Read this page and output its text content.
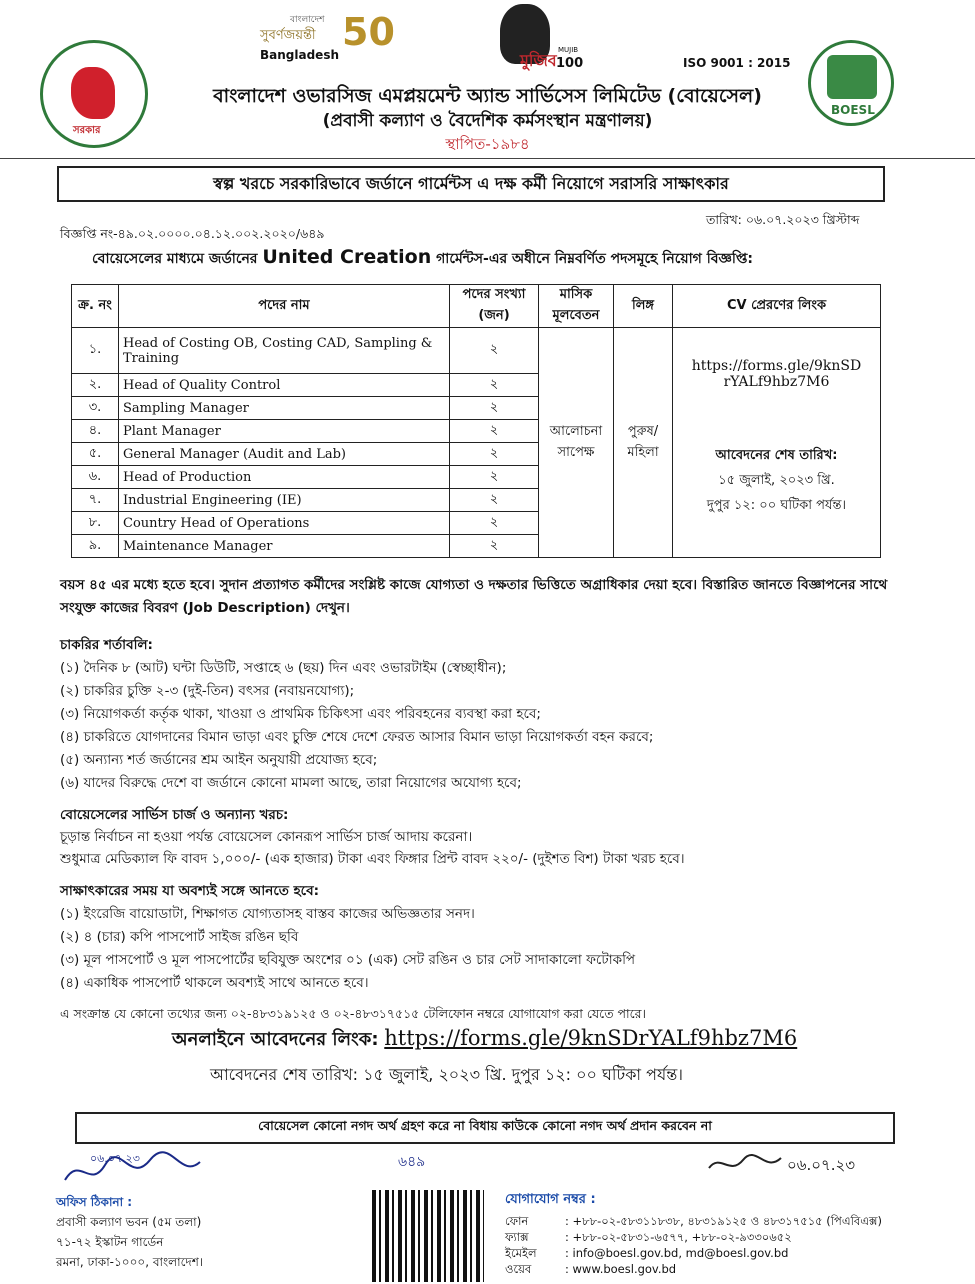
সরকার
বাংলাদেশ
সুবর্ণজয়ন্তী
Bangladesh
50
মুজিব
MUJIB
100	ISO 9001 : 2015
BOESL
বাংলাদেশ ওভারসিজ এমপ্লয়মেন্ট অ্যান্ড সার্ভিসেস লিমিটেড (বোয়েসেল)
(প্রবাসী কল্যাণ ও বৈদেশিক কর্মসংস্থান মন্ত্রণালয়)
স্থাপিত-১৯৮৪
স্বল্প খরচে সরকারিভাবে জর্ডানে গার্মেন্টস এ দক্ষ কর্মী নিয়োগে সরাসরি সাক্ষাৎকার
বিজ্ঞপ্তি নং-৪৯.০২.০০০০.০৪.১২.০০২.২০২০/৬৪৯
তারিখ: ০৬.০৭.২০২৩ খ্রিস্টাব্দ
বোয়েসেলের মাধ্যমে জর্ডানের United Creation গার্মেন্টস-এর অধীনে নিম্নবর্ণিত পদসমূহে নিয়োগ বিজ্ঞপ্তি:
ক্র. নং	পদের নাম	পদের সংখ্যা (জন)	মাসিক মূলবেতন	লিঙ্গ	CV প্রেরণের লিংক
১.	Head of Costing OB, Costing CAD, Sampling & Training	২	আলোচনা সাপেক্ষ	পুরুষ/ মহিলা	https://forms.gle/9knSDrYALf9hbz7M6
আবেদনের শেষ তারিখ:
১৫ জুলাই, ২০২৩ খ্রি.
দুপুর ১২: ০০ ঘটিকা পর্যন্ত।

২.	Head of Quality Control	২			
৩.	Sampling Manager	২			
৪.	Plant Manager	২			
৫.	General Manager (Audit and Lab)	২			
৬.	Head of Production	২			
৭.	Industrial Engineering (IE)	২			
৮.	Country Head of Operations	২			
৯.	Maintenance Manager	২			
বয়স ৪৫ এর মধ্যে হতে হবে। সুদান প্রত্যাগত কর্মীদের সংশ্লিষ্ট কাজে যোগ্যতা ও দক্ষতার ভিত্তিতে অগ্রাধিকার দেয়া হবে। বিস্তারিত জানতে বিজ্ঞাপনের সাথে সংযুক্ত কাজের বিবরণ (Job Description) দেখুন।
চাকরির শর্তাবলি:
(১) দৈনিক ৮ (আট) ঘন্টা ডিউটি, সপ্তাহে ৬ (ছয়) দিন এবং ওভারটাইম (স্বেচ্ছাধীন);
(২) চাকরির চুক্তি ২-৩ (দুই-তিন) বৎসর (নবায়নযোগ্য);
(৩) নিয়োগকর্তা কর্তৃক থাকা, খাওয়া ও প্রাথমিক চিকিৎসা এবং পরিবহনের ব্যবস্থা করা হবে;
(৪) চাকরিতে যোগদানের বিমান ভাড়া এবং চুক্তি শেষে দেশে ফেরত আসার বিমান ভাড়া নিয়োগকর্তা বহন করবে;
(৫) অন্যান্য শর্ত জর্ডানের শ্রম আইন অনুযায়ী প্রযোজ্য হবে;
(৬) যাদের বিরুদ্ধে দেশে বা জর্ডানে কোনো মামলা আছে, তারা নিয়োগের অযোগ্য হবে;
বোয়েসেলের সার্ভিস চার্জ ও অন্যান্য খরচ:
চূড়ান্ত নির্বাচন না হওয়া পর্যন্ত বোয়েসেল কোনরূপ সার্ভিস চার্জ আদায় করেনা।
শুধুমাত্র মেডিক্যাল ফি বাবদ ১,০০০/- (এক হাজার) টাকা এবং ফিঙ্গার প্রিন্ট বাবদ ২২০/- (দুইশত বিশ) টাকা খরচ হবে।
সাক্ষাৎকারের সময় যা অবশ্যই সঙ্গে আনতে হবে:
(১) ইংরেজি বায়োডাটা, শিক্ষাগত যোগ্যতাসহ বাস্তব কাজের অভিজ্ঞতার সনদ।
(২) ৪ (চার) কপি পাসপোর্ট সাইজ রঙিন ছবি
(৩) মূল পাসপোর্ট ও মূল পাসপোর্টের ছবিযুক্ত অংশের ০১ (এক) সেট রঙিন ও চার সেট সাদাকালো ফটোকপি
(৪) একাধিক পাসপোর্ট থাকলে অবশ্যই সাথে আনতে হবে।
এ সংক্রান্ত যে কোনো তথ্যের জন্য ০২-৪৮৩১৯১২৫ ও ০২-৪৮৩১৭৫১৫ টেলিফোন নম্বরে যোগাযোগ করা যেতে পারে।
অনলাইনে আবেদনের লিংক: https://forms.gle/9knSDrYALf9hbz7M6
আবেদনের শেষ তারিখ: ১৫ জুলাই, ২০২৩ খ্রি. দুপুর ১২: ০০ ঘটিকা পর্যন্ত।
বোয়েসেল কোনো নগদ অর্থ গ্রহণ করে না বিধায় কাউকে কোনো নগদ অর্থ প্রদান করবেন না
০৬.০৭.২৩	৬৪৯	০৬.০৭.২৩
অফিস ঠিকানা :
প্রবাসী কল্যাণ ভবন (৫ম তলা)
৭১-৭২ ইস্কাটন গার্ডেন
রমনা, ঢাকা-১০০০, বাংলাদেশ।
যোগাযোগ নম্বর :
ফোন	: +৮৮-০২-৫৮৩১১৮৩৮, ৪৮৩১৯১২৫ ও ৪৮৩১৭৫১৫ (পিএবিএক্স)
ফ্যাক্স	: +৮৮-০২-৫৮৩১-৬৫৭৭, +৮৮-০২-৯৩৩০৬৫২
ইমেইল	: info@boesl.gov.bd, md@boesl.gov.bd
ওয়েব	: www.boesl.gov.bd
